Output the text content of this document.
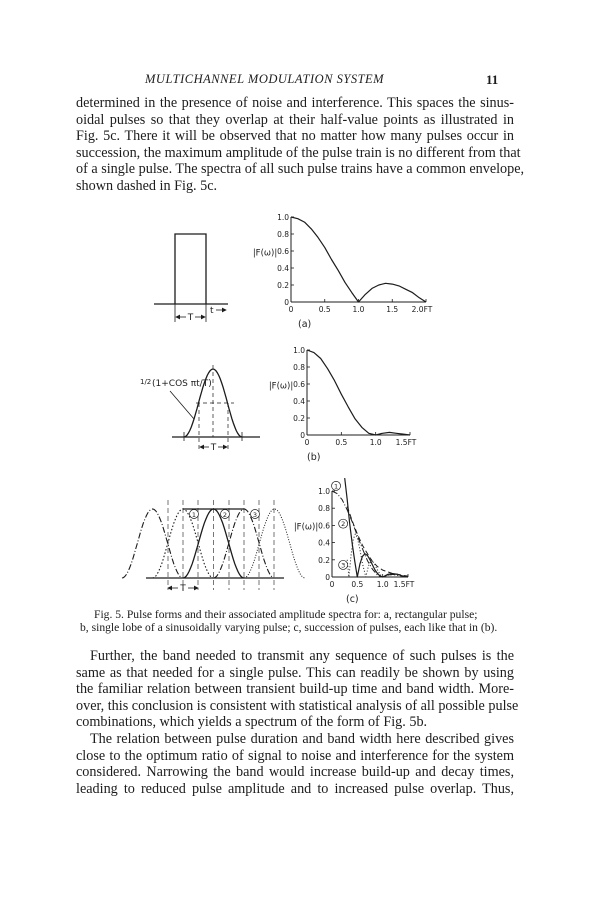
MULTICHANNEL MODULATION SYSTEM	11
determined in the presence of noise and interference. This spaces the sinus-
oidal pulses so that they overlap at their half-value points as illustrated in
Fig. 5c. There it will be observed that no matter how many pulses occur in
succession, the maximum amplitude of the pulse train is no different from that
of a single pulse. The spectra of all such pulse trains have a common envelope,
shown dashed in Fig. 5c.
T
t
T
1/2 (1+COS πt/T)
1	2	3
T
0
0.2
0.4
0.6
0.8
1.0
0	0.5	1.0	1.5 2.0FT
|F(ω)|
(a)
0
0.2
0.4
0.6
0.8
1.0
0	0.5	1.0 1.5FT
|F(ω)|
(b)
0
0.2
0.4
0.6
0.8
1.0
0 0.5 1.0 1.5FT
|F(ω)|
(c)
1
2
3
Fig. 5. Pulse forms and their associated amplitude spectra for: a, rectangular pulse;
b, single lobe of a sinusoidally varying pulse; c, succession of pulses, each like that in (b).
Further, the band needed to transmit any sequence of such pulses is the
same as that needed for a single pulse. This can readily be shown by using
the familiar relation between transient build-up time and band width. More-
over, this conclusion is consistent with statistical analysis of all possible pulse
combinations, which yields a spectrum of the form of Fig. 5b.
The relation between pulse duration and band width here described gives
close to the optimum ratio of signal to noise and interference for the system
considered. Narrowing the band would increase build-up and decay times,
leading to reduced pulse amplitude and to increased pulse overlap. Thus,
